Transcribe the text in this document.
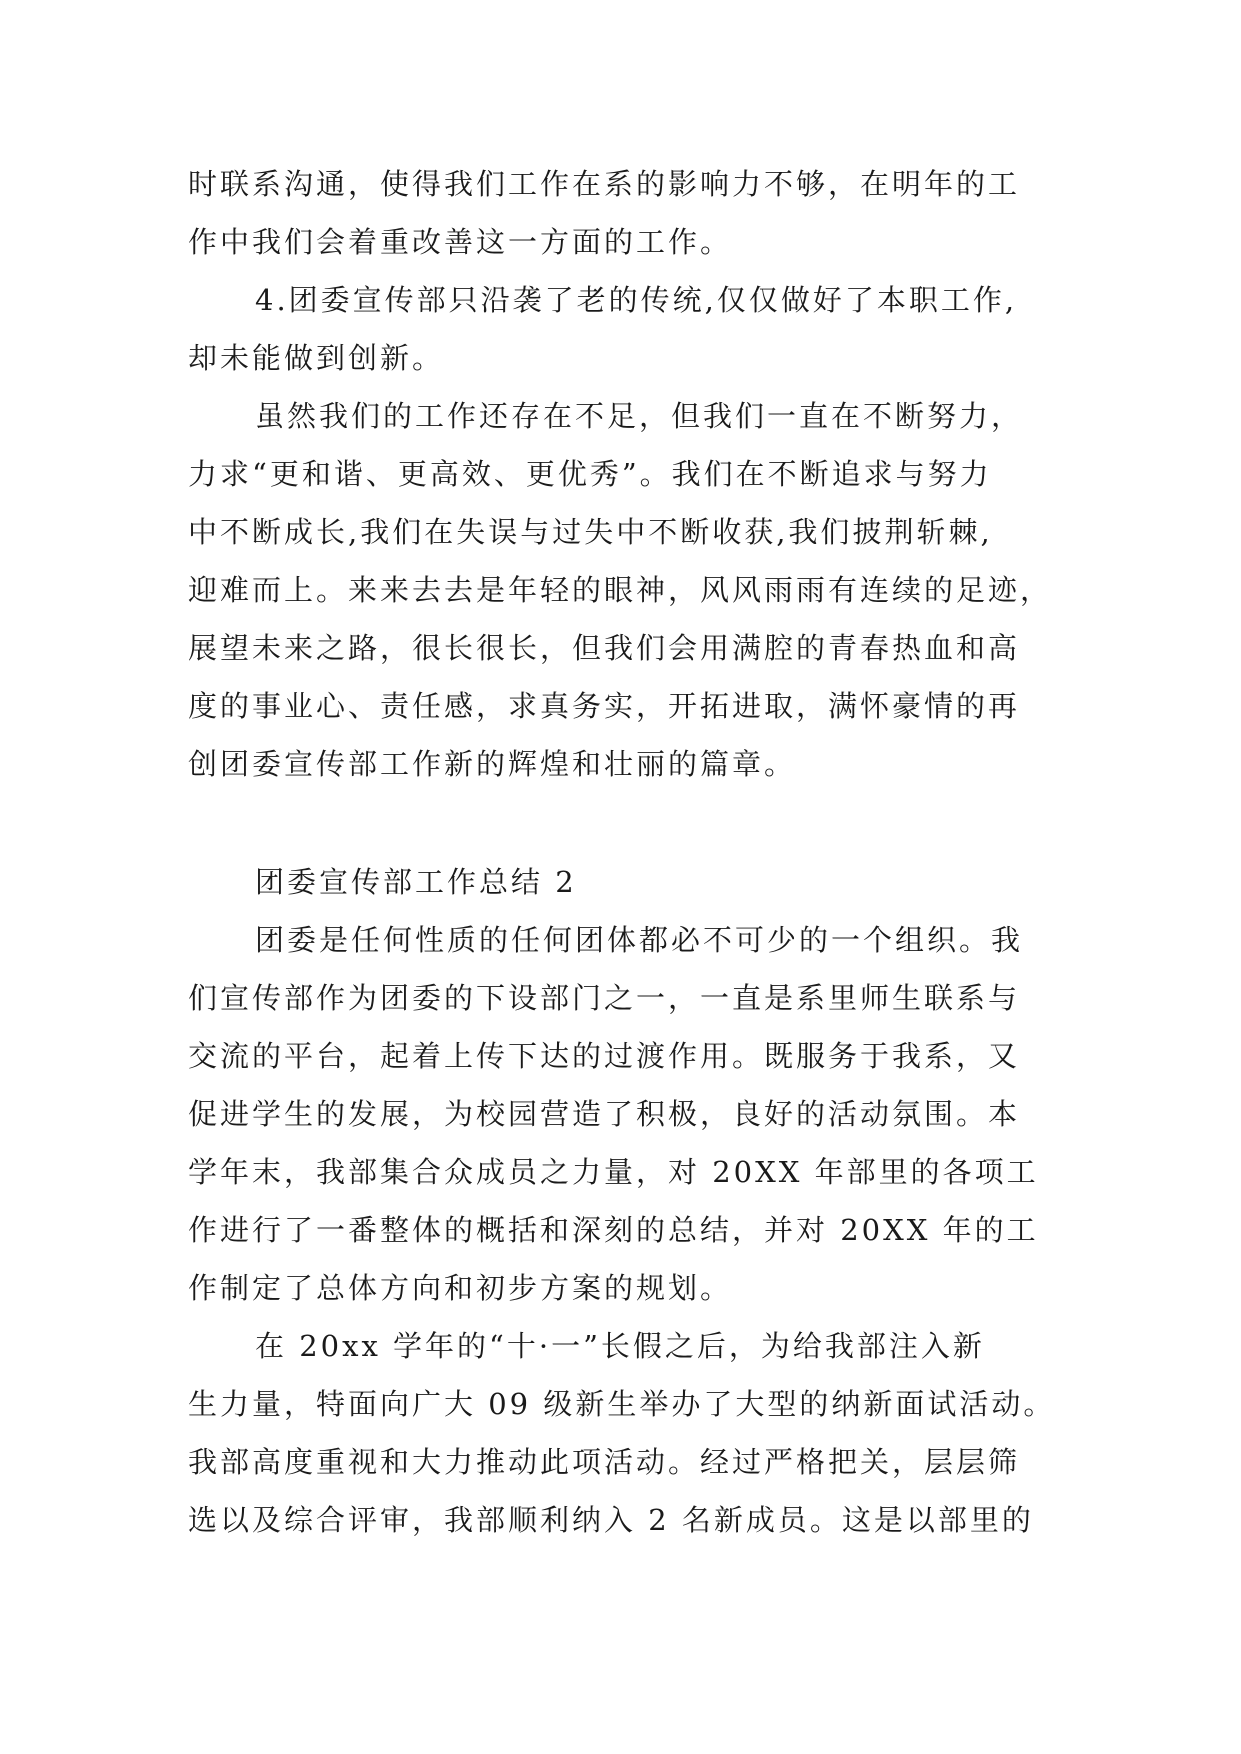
时联系沟通，使得我们工作在系的影响力不够，在明年的工
作中我们会着重改善这一方面的工作。
4.团委宣传部只沿袭了老的传统,仅仅做好了本职工作,
却未能做到创新。
虽然我们的工作还存在不足，但我们一直在不断努力，
力求“更和谐、更高效、更优秀”。我们在不断追求与努力
中不断成长,我们在失误与过失中不断收获,我们披荆斩棘,
迎难而上。来来去去是年轻的眼神，风风雨雨有连续的足迹，
展望未来之路，很长很长，但我们会用满腔的青春热血和高
度的事业心、责任感，求真务实，开拓进取，满怀豪情的再
创团委宣传部工作新的辉煌和壮丽的篇章。
团委宣传部工作总结 2
团委是任何性质的任何团体都必不可少的一个组织。我
们宣传部作为团委的下设部门之一，一直是系里师生联系与
交流的平台，起着上传下达的过渡作用。既服务于我系，又
促进学生的发展，为校园营造了积极，良好的活动氛围。本
学年末，我部集合众成员之力量，对 20XX 年部里的各项工
作进行了一番整体的概括和深刻的总结，并对 20XX 年的工
作制定了总体方向和初步方案的规划。
在 20xx 学年的“十·一”长假之后，为给我部注入新
生力量，特面向广大 09 级新生举办了大型的纳新面试活动。
我部高度重视和大力推动此项活动。经过严格把关，层层筛
选以及综合评审，我部顺利纳入 2 名新成员。这是以部里的
